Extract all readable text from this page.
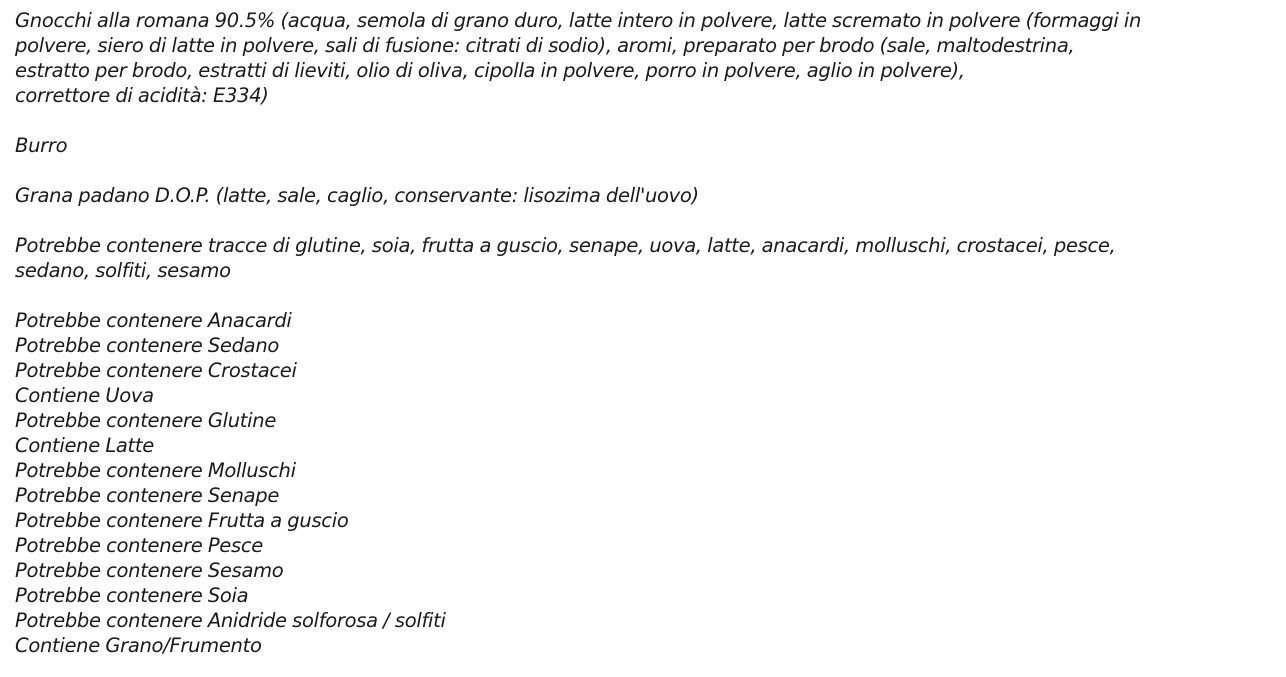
Gnocchi alla romana 90.5% (acqua, semola di grano duro, latte intero in polvere, latte scremato in polvere (formaggi in
polvere, siero di latte in polvere, sali di fusione: citrati di sodio), aromi, preparato per brodo (sale, maltodestrina,
estratto per brodo, estratti di lieviti, olio di oliva, cipolla in polvere, porro in polvere, aglio in polvere),
correttore di acidità: E334)

Burro

Grana padano D.O.P. (latte, sale, caglio, conservante: lisozima dell'uovo)

Potrebbe contenere tracce di glutine, soia, frutta a guscio, senape, uova, latte, anacardi, molluschi, crostacei, pesce,
sedano, solfiti, sesamo

Potrebbe contenere Anacardi
Potrebbe contenere Sedano
Potrebbe contenere Crostacei
Contiene Uova
Potrebbe contenere Glutine
Contiene Latte
Potrebbe contenere Molluschi
Potrebbe contenere Senape
Potrebbe contenere Frutta a guscio
Potrebbe contenere Pesce
Potrebbe contenere Sesamo
Potrebbe contenere Soia
Potrebbe contenere Anidride solforosa / solfiti
Contiene Grano/Frumento
